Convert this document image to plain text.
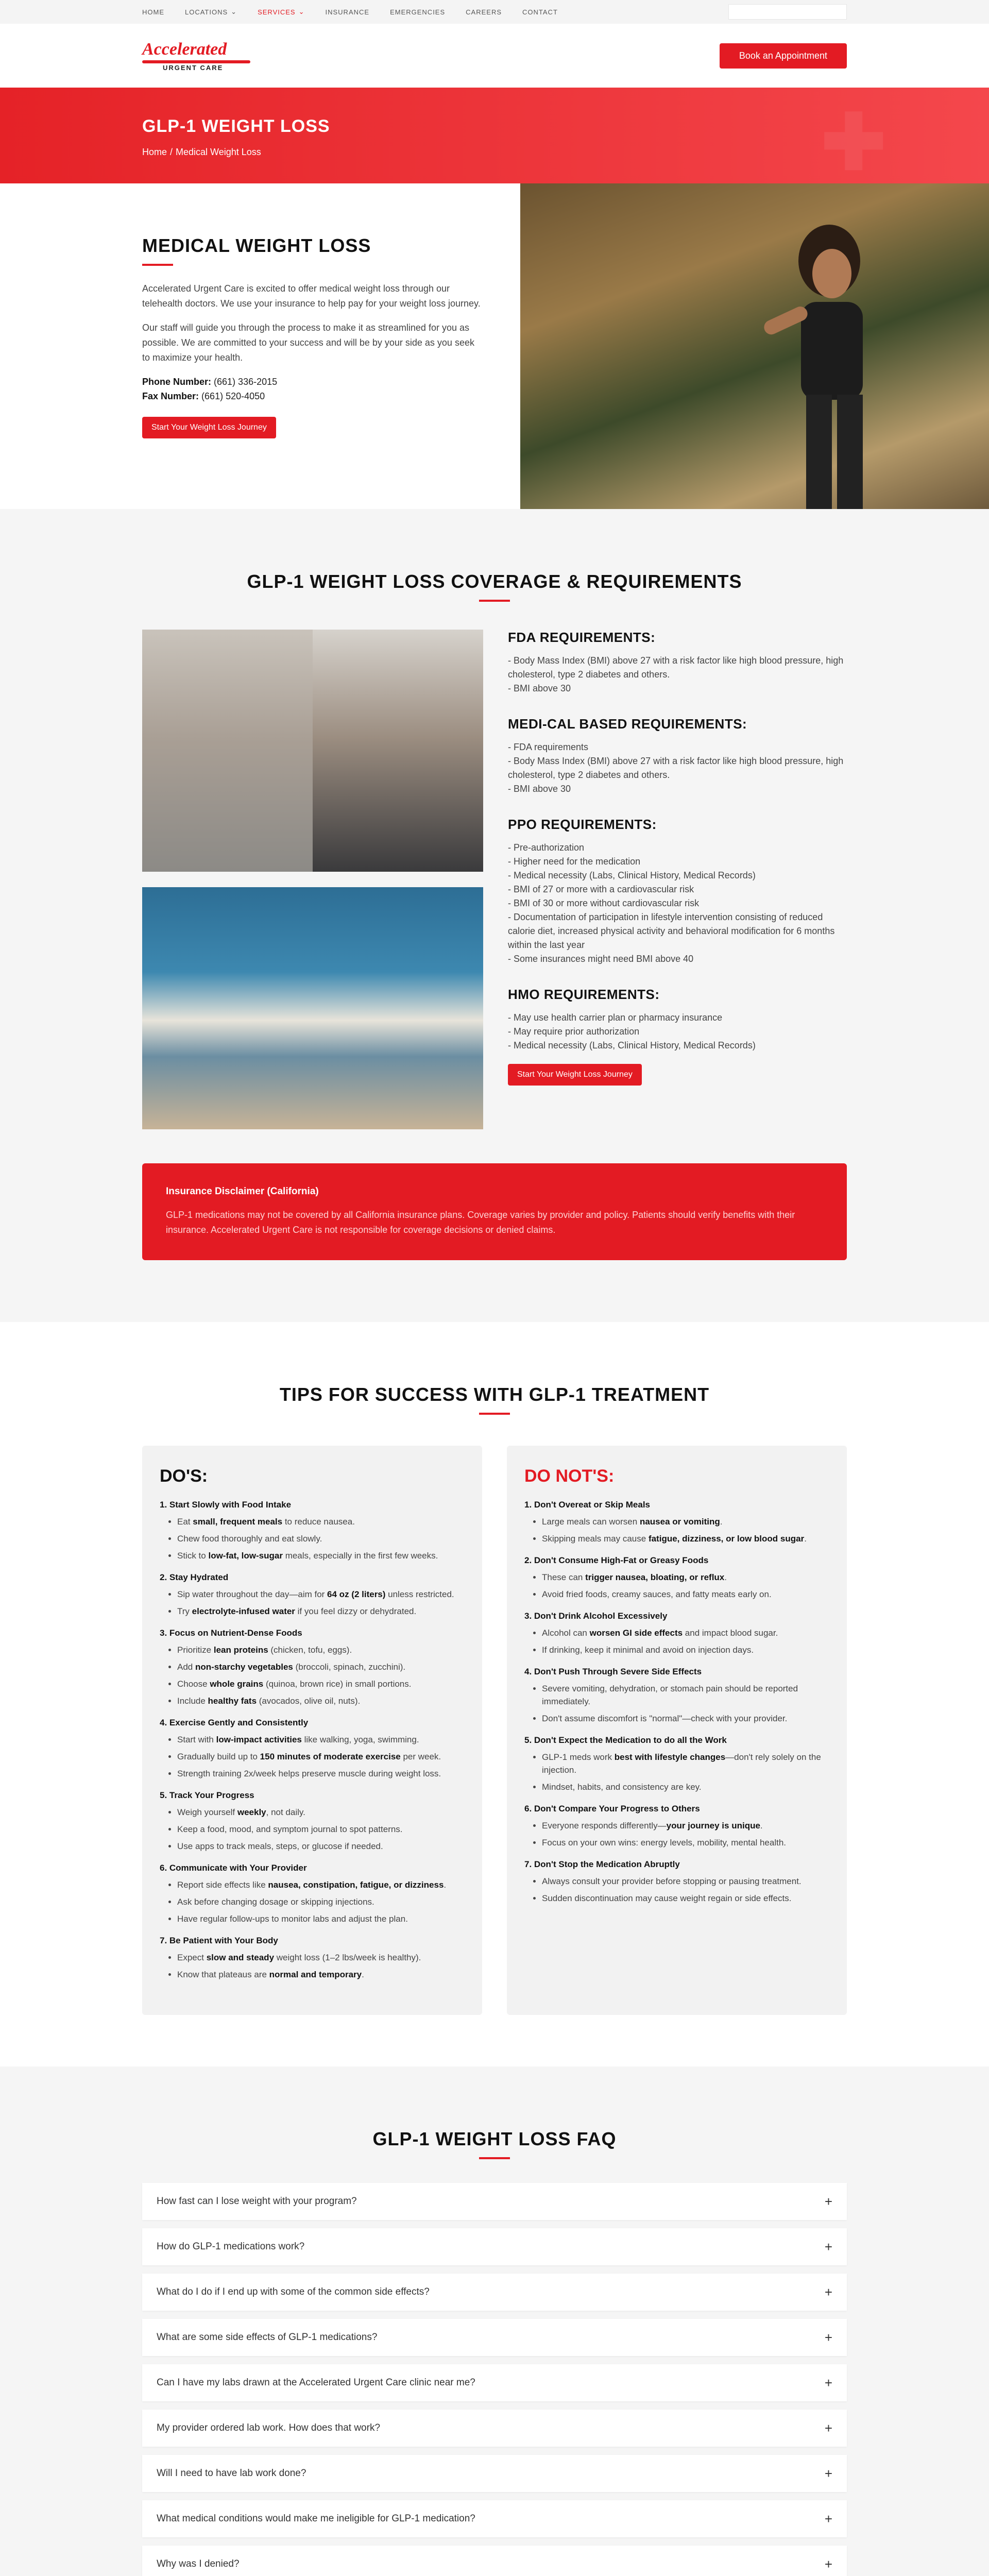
HOME	LOCATIONS ⌄	SERVICES ⌄	INSURANCE	EMERGENCIES	CAREERS	CONTACT
Accelerated
URGENT CARE
Book an Appointment
✚
GLP-1 WEIGHT LOSS
Home / Medical Weight Loss
MEDICAL WEIGHT LOSS

Accelerated Urgent Care is excited to offer medical weight loss through our telehealth doctors. We use your insurance to help pay for your weight loss journey.

Our staff will guide you through the process to make it as streamlined for you as possible. We are committed to your success and will be by your side as you seek to maximize your health.

Phone Number: (661) 336-2015
Fax Number: (661) 520-4050
Start Your Weight Loss Journey
GLP-1 WEIGHT LOSS COVERAGE & REQUIREMENTS
FDA REQUIREMENTS:
- Body Mass Index (BMI) above 27 with a risk factor like high blood pressure, high
cholesterol, type 2 diabetes and others.
- BMI above 30
MEDI-CAL BASED REQUIREMENTS:
- FDA requirements
- Body Mass Index (BMI) above 27 with a risk factor like high blood pressure, high
cholesterol, type 2 diabetes and others.
- BMI above 30
PPO REQUIREMENTS:
- Pre-authorization
- Higher need for the medication
- Medical necessity (Labs, Clinical History, Medical Records)
- BMI of 27 or more with a cardiovascular risk
- BMI of 30 or more without cardiovascular risk
- Documentation of participation in lifestyle intervention consisting of reduced
calorie diet, increased physical activity and behavioral modification for 6 months
within the last year
- Some insurances might need BMI above 40
HMO REQUIREMENTS:
- May use health carrier plan or pharmacy insurance
- May require prior authorization
- Medical necessity (Labs, Clinical History, Medical Records)
Start Your Weight Loss Journey
Insurance Disclaimer (California)

GLP-1 medications may not be covered by all California insurance plans. Coverage varies by provider and policy. Patients should verify benefits with their insurance. Accelerated Urgent Care is not responsible for coverage decisions or denied claims.

TIPS FOR SUCCESS WITH GLP-1 TREATMENT
DO'S:
1. Start Slowly with Food Intake
• Eat small, frequent meals to reduce nausea.
• Chew food thoroughly and eat slowly.
• Stick to low-fat, low-sugar meals, especially in the first few weeks.
2. Stay Hydrated
• Sip water throughout the day—aim for 64 oz (2 liters) unless restricted.
• Try electrolyte-infused water if you feel dizzy or dehydrated.
3. Focus on Nutrient-Dense Foods
• Prioritize lean proteins (chicken, tofu, eggs).
• Add non-starchy vegetables (broccoli, spinach, zucchini).
• Choose whole grains (quinoa, brown rice) in small portions.
• Include healthy fats (avocados, olive oil, nuts).
4. Exercise Gently and Consistently
• Start with low-impact activities like walking, yoga, swimming.
• Gradually build up to 150 minutes of moderate exercise per week.
• Strength training 2x/week helps preserve muscle during weight loss.
5. Track Your Progress
• Weigh yourself weekly, not daily.
• Keep a food, mood, and symptom journal to spot patterns.
• Use apps to track meals, steps, or glucose if needed.
6. Communicate with Your Provider
• Report side effects like nausea, constipation, fatigue, or dizziness.
• Ask before changing dosage or skipping injections.
• Have regular follow-ups to monitor labs and adjust the plan.
7. Be Patient with Your Body
• Expect slow and steady weight loss (1–2 lbs/week is healthy).
• Know that plateaus are normal and temporary.
DO NOT'S:
1. Don't Overeat or Skip Meals
• Large meals can worsen nausea or vomiting.
• Skipping meals may cause fatigue, dizziness, or low blood sugar.
2. Don't Consume High-Fat or Greasy Foods
• These can trigger nausea, bloating, or reflux.
• Avoid fried foods, creamy sauces, and fatty meats early on.
3. Don't Drink Alcohol Excessively
• Alcohol can worsen GI side effects and impact blood sugar.
• If drinking, keep it minimal and avoid on injection days.
4. Don't Push Through Severe Side Effects
• Severe vomiting, dehydration, or stomach pain should be reported immediately.
• Don't assume discomfort is "normal"—check with your provider.
5. Don't Expect the Medication to do all the Work
• GLP-1 meds work best with lifestyle changes—don't rely solely on the injection.
• Mindset, habits, and consistency are key.
6. Don't Compare Your Progress to Others
• Everyone responds differently—your journey is unique.
• Focus on your own wins: energy levels, mobility, mental health.
7. Don't Stop the Medication Abruptly
• Always consult your provider before stopping or pausing treatment.
• Sudden discontinuation may cause weight regain or side effects.
GLP-1 WEIGHT LOSS FAQ
How fast can I lose weight with your program?	+
How do GLP-1 medications work?	+
What do I do if I end up with some of the common side effects?	+
What are some side effects of GLP-1 medications?	+
Can I have my labs drawn at the Accelerated Urgent Care clinic near me?	+
My provider ordered lab work. How does that work?	+
Will I need to have lab work done?	+
What medical conditions would make me ineligible for GLP-1 medication?	+
Why was I denied?	+
